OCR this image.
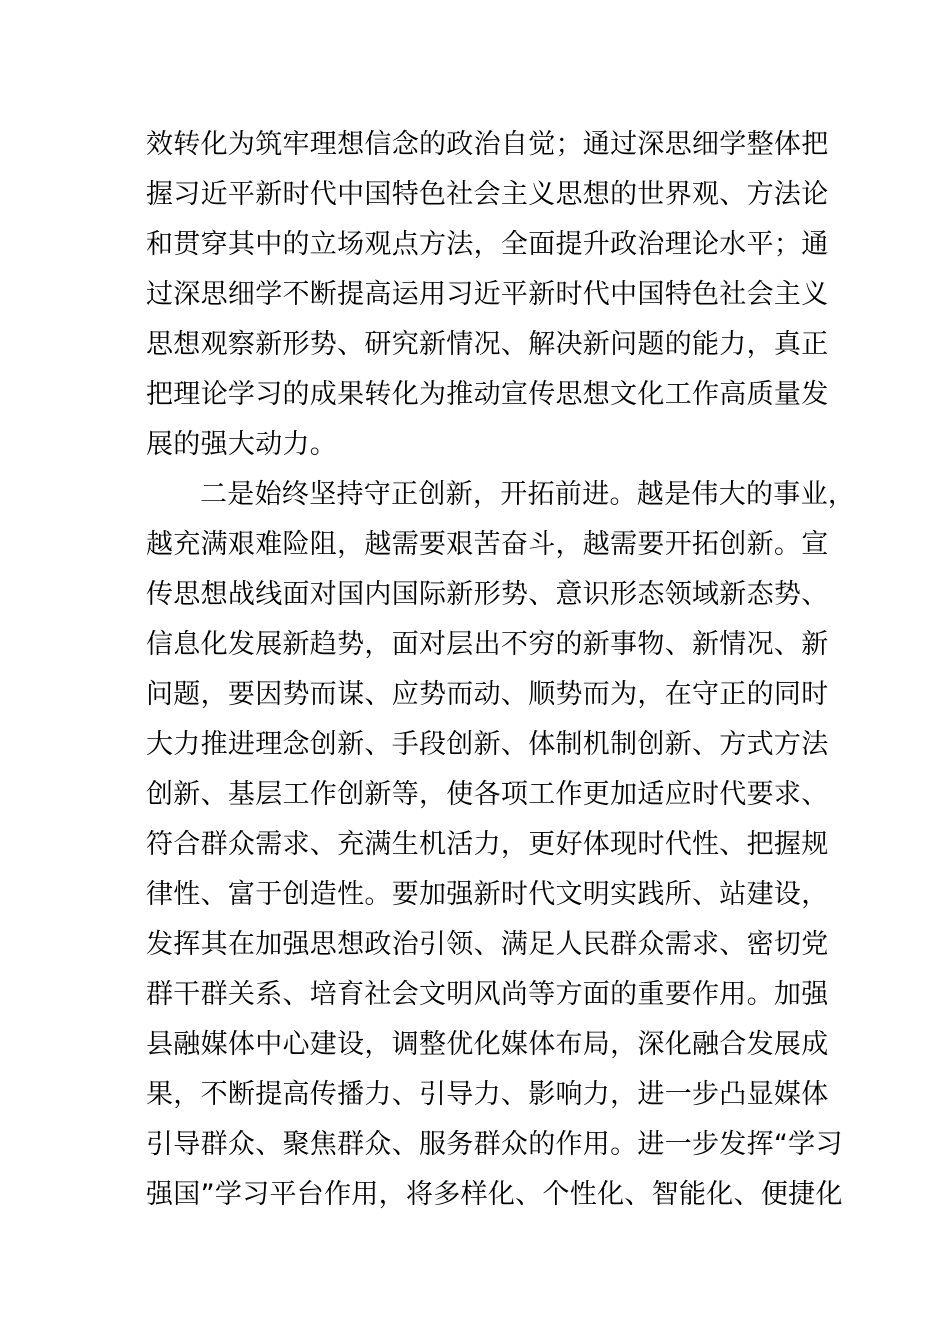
效转化为筑牢理想信念的政治自觉；通过深思细学整体把
握习近平新时代中国特色社会主义思想的世界观、方法论
和贯穿其中的立场观点方法，全面提升政治理论水平；通
过深思细学不断提高运用习近平新时代中国特色社会主义
思想观察新形势、研究新情况、解决新问题的能力，真正
把理论学习的成果转化为推动宣传思想文化工作高质量发
展的强大动力。
二是始终坚持守正创新，开拓前进。越是伟大的事业，
越充满艰难险阻，越需要艰苦奋斗，越需要开拓创新。宣
传思想战线面对国内国际新形势、意识形态领域新态势、
信息化发展新趋势，面对层出不穷的新事物、新情况、新
问题，要因势而谋、应势而动、顺势而为，在守正的同时
大力推进理念创新、手段创新、体制机制创新、方式方法
创新、基层工作创新等，使各项工作更加适应时代要求、
符合群众需求、充满生机活力，更好体现时代性、把握规
律性、富于创造性。要加强新时代文明实践所、站建设，
发挥其在加强思想政治引领、满足人民群众需求、密切党
群干群关系、培育社会文明风尚等方面的重要作用。加强
县融媒体中心建设，调整优化媒体布局，深化融合发展成
果，不断提高传播力、引导力、影响力，进一步凸显媒体
引导群众、聚焦群众、服务群众的作用。进一步发挥“学习
强国”学习平台作用，将多样化、个性化、智能化、便捷化
